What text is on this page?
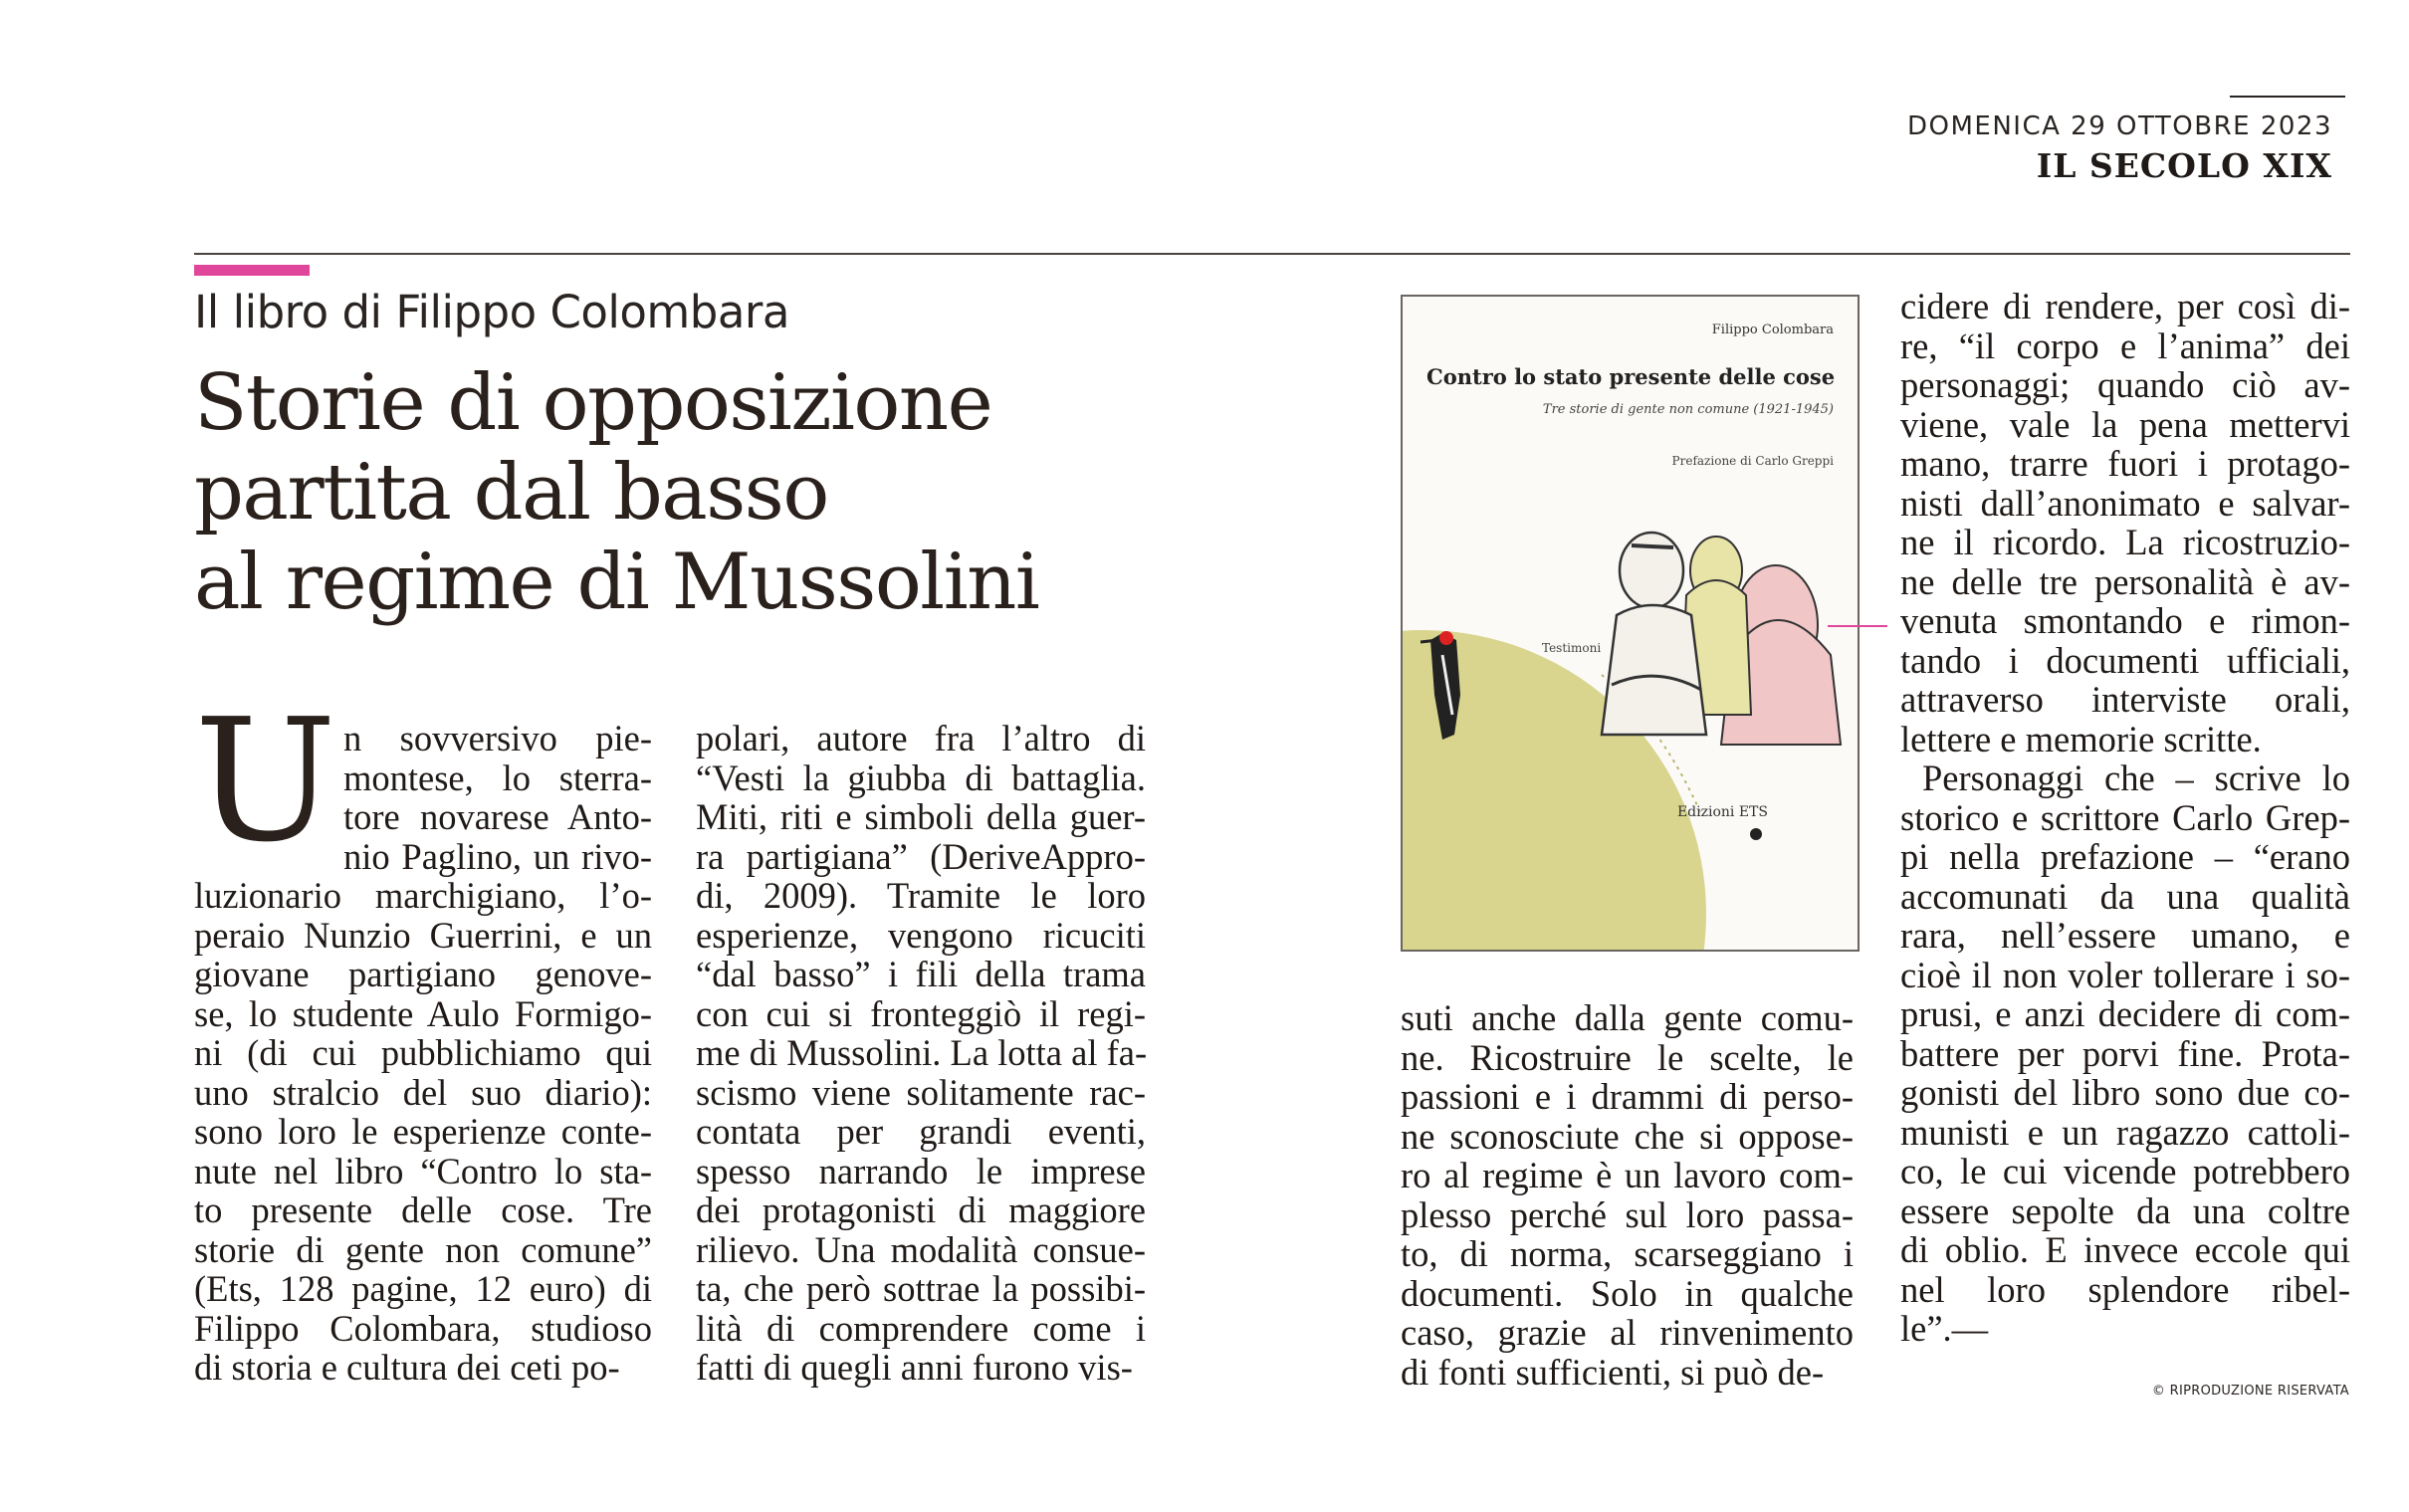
DOMENICA 29 OTTOBRE 2023
IL SECOLO XIX
Il libro di Filippo Colombara
Storie di opposizione
partita dal basso
al regime di Mussolini
U n sovversivo pie-
montese, lo sterra-
tore novarese Anto-
nio Paglino, un rivo-
luzionario marchigiano, l’o-
peraio Nunzio Guerrini, e un
giovane partigiano genove-
se, lo studente Aulo Formigo-
ni (di cui pubblichiamo qui
uno stralcio del suo diario):
sono loro le esperienze conte-
nute nel libro “Contro lo sta-
to presente delle cose. Tre
storie di gente non comune”
(Ets, 128 pagine, 12 euro) di
Filippo Colombara, studioso
di storia e cultura dei ceti po-
polari, autore fra l’altro di
“Vesti la giubba di battaglia.
Miti, riti e simboli della guer-
ra partigiana” (DeriveAppro-
di, 2009). Tramite le loro
esperienze, vengono ricuciti
“dal basso” i fili della trama
con cui si fronteggiò il regi-
me di Mussolini. La lotta al fa-
scismo viene solitamente rac-
contata per grandi eventi,
spesso narrando le imprese
dei protagonisti di maggiore
rilievo. Una modalità consue-
ta, che però sottrae la possibi-
lità di comprendere come i
fatti di quegli anni furono vis-
suti anche dalla gente comu-
ne. Ricostruire le scelte, le
passioni e i drammi di perso-
ne sconosciute che si oppose-
ro al regime è un lavoro com-
plesso perché sul loro passa-
to, di norma, scarseggiano i
documenti. Solo in qualche
caso, grazie al rinvenimento
di fonti sufficienti, si può de-
cidere di rendere, per così di-
re, “il corpo e l’anima” dei
personaggi; quando ciò av-
viene, vale la pena mettervi
mano, trarre fuori i protago-
nisti dall’anonimato e salvar-
ne il ricordo. La ricostruzio-
ne delle tre personalità è av-
venuta smontando e rimon-
tando i documenti ufficiali,
attraverso interviste orali,
lettere e memorie scritte.
Personaggi che – scrive lo
storico e scrittore Carlo Grep-
pi nella prefazione – “erano
accomunati da una qualità
rara, nell’essere umano, e
cioè il non voler tollerare i so-
prusi, e anzi decidere di com-
battere per porvi fine. Prota-
gonisti del libro sono due co-
munisti e un ragazzo cattoli-
co, le cui vicende potrebbero
essere sepolte da una coltre
di oblio. E invece eccole qui
nel loro splendore ribel-
le”.—
Filippo Colombara
Contro lo stato presente delle cose
Tre storie di gente non comune (1921-1945)
Prefazione di Carlo Greppi
Testimoni
Edizioni ETS
© RIPRODUZIONE RISERVATA
